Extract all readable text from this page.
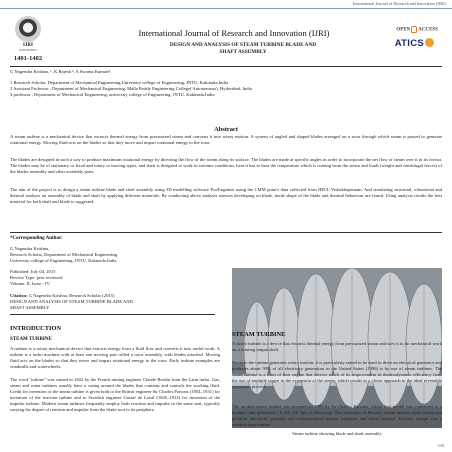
International Journal of Research and Innovation (IJRI)
IJRI
PUBLISHERS
1401-1402
International Journal of Research and Innovation (IJRI)
DESIGN AND ANALYSIS OF STEAM TURBINE BLADE AND
SHAFT ASSEMBLY
OPEN ACCESS
ATICS
G Nagendra Krishna, ¹, K Rajesh ², A Swarna Kumari³,
1 Research Scholar, Department of Mechanical Engineering,University college of Engineering, JNTU, Kakinada,India
2 Assistant Professor , Department of Mechanical Engineering, Malla Reddy Engineering College( Autonomous), Hyderabad, India
3 professor , Department of Mechanical Engineering, university college of Engineering, JNTU, Kakinada,India
Abstract
A steam turbine is a mechanical device that extracts thermal energy from pressurized steam and converts it into rotary motion. A system of angled and shaped blades arranged on a rotor through which steam is passed to generate rotational energy. Moving fluid acts on the blades so that they move and impart rotational energy to the rotor.
The blades are designed in such a way to produce maximum rotational energy by directing the flow of the steam along its surface. The blades are made at specific angles in order to incorporate the net flow of steam over it in its favour. The blades may be of stationary or fixed and rotary or moving types, and shaft is designed to work in extreme conditions, hear it has to bear the temperature which is coming from the steam and loads (weight and centrifugal forces) of the blades assembly and other assembly parts.
The aim of the project is to design a steam turbine blade and shaft assembly using 3D modelling software Pro/Engineer using the CMM point's data collected from HPCL Vishakhapatnam. And simulating structural, vibrational and thermal analysis on assembly of blade and shaft by applying different materials. By conducting above analysis stresses developing on blade, mode shape of the blade and thermal behaviour are found. Using analysis results the best material for both shaft and blade is suggested.
*Corresponding Author:
G Nagendra Krishna,
Research Scholar, Department of Mechanical Engineering,
University college of Engineering, JNTU, Kakinada,India
Published: July 04, 2015
Review Type: peer reviewed
Volume: II, Issue : IV
Citation: G Nagendra Krishna, Research Scholar (2015)
DESIGN AND ANALYSIS OF STEAM TURBINE BLADE AND
SHAFT ASSEMBLY
INTRODUCTION
STEAM TURBINE
A turbine is a rotary mechanical device that extracts energy from a fluid flow and converts it into useful work. A turbine is a turbo machine with at least one moving part called a rotor assembly, with blades attached. Moving fluid acts on the blades so that they move and impart rotational energy to the rotor. Early turbine examples are windmills and waterwheels.
The word "turbine" was coined in 1822 by the French mining engineer Claude Burdin from the Latin turbo. Gas, steam and water turbines usually have a casing around the blades that contains and controls the working fluid. Credit for invention of the steam turbine is given both to the British engineer Sir Charles Parsons (1854–1931) for invention of the reaction turbine and to Swedish engineer Gustaf de Laval (1845–1913) for invention of the impulse turbine. Modern steam turbines frequently employ both reaction and impulse in the same unit, typically varying the degree of reaction and impulse from the blade root to its periphery.
Steam turbine showing blade and shaft assembly
STEAM TURBINE
A steam turbine is a device that extracts thermal energy from pressurized steam and uses it to do mechanical work on a rotating output shaft.
Because the turbine generates rotary motion, it is particularly suited to be used to drive an electrical generator and produces about 90% of all electricity generation in the United States (1996) is by use of steam turbines. The steam turbine is a form of heat engine that derives much of its improvement in thermodynamic efficiency from the use of multiple stages in the expansion of the steam, which results in a closer approach to the ideal reversible expansion process.
The modern steam turbine was invented in 1884 by Sir Charles Parsons, whose first model was connected to a dynamo that generated 7.5 kW (10 Hp) of electricity. The invention of Parson's steam turbine made cheap and plentiful electricity possible and revolutionized marine transport and naval warfare. Parsons' design was a reaction type turbine.
330
